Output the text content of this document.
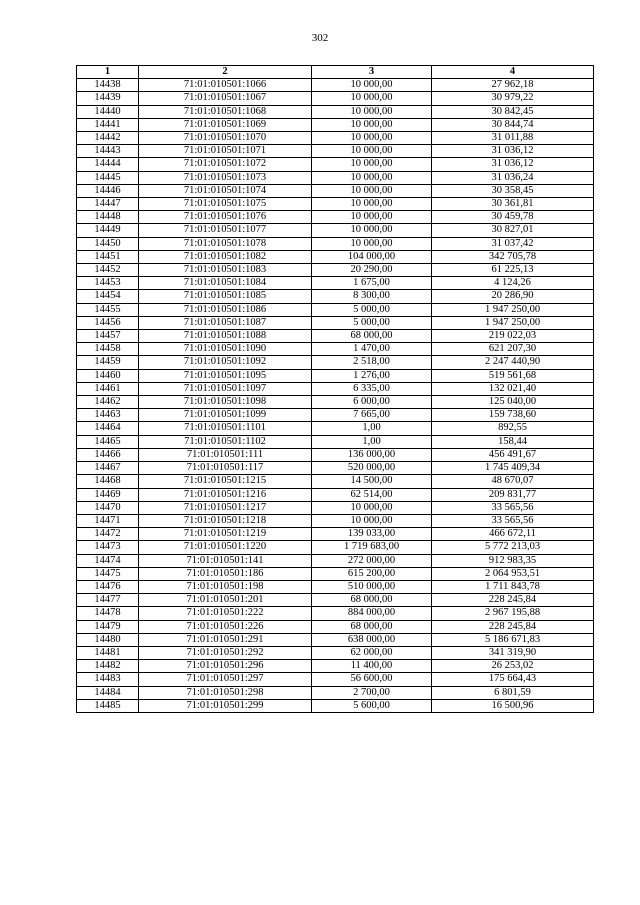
302
1	2	3	4
14438	71:01:010501:1066	10 000,00	27 962,18
14439	71:01:010501:1067	10 000,00	30 979,22
14440	71:01:010501:1068	10 000,00	30 842,45
14441	71:01:010501:1069	10 000,00	30 844,74
14442	71:01:010501:1070	10 000,00	31 011,88
14443	71:01:010501:1071	10 000,00	31 036,12
14444	71:01:010501:1072	10 000,00	31 036,12
14445	71:01:010501:1073	10 000,00	31 036,24
14446	71:01:010501:1074	10 000,00	30 358,45
14447	71:01:010501:1075	10 000,00	30 361,81
14448	71:01:010501:1076	10 000,00	30 459,78
14449	71:01:010501:1077	10 000,00	30 827,01
14450	71:01:010501:1078	10 000,00	31 037,42
14451	71:01:010501:1082	104 000,00	342 705,78
14452	71:01:010501:1083	20 290,00	61 225,13
14453	71:01:010501:1084	1 675,00	4 124,26
14454	71:01:010501:1085	8 300,00	20 286,90
14455	71:01:010501:1086	5 000,00	1 947 250,00
14456	71:01:010501:1087	5 000,00	1 947 250,00
14457	71:01:010501:1088	68 000,00	219 022,03
14458	71:01:010501:1090	1 470,00	621 207,30
14459	71:01:010501:1092	2 518,00	2 247 440,90
14460	71:01:010501:1095	1 276,00	519 561,68
14461	71:01:010501:1097	6 335,00	132 021,40
14462	71:01:010501:1098	6 000,00	125 040,00
14463	71:01:010501:1099	7 665,00	159 738,60
14464	71:01:010501:1101	1,00	892,55
14465	71:01:010501:1102	1,00	158,44
14466	71:01:010501:111	136 000,00	456 491,67
14467	71:01:010501:117	520 000,00	1 745 409,34
14468	71:01:010501:1215	14 500,00	48 670,07
14469	71:01:010501:1216	62 514,00	209 831,77
14470	71:01:010501:1217	10 000,00	33 565,56
14471	71:01:010501:1218	10 000,00	33 565,56
14472	71:01:010501:1219	139 033,00	466 672,11
14473	71:01:010501:1220	1 719 683,00	5 772 213,03
14474	71:01:010501:141	272 000,00	912 983,35
14475	71:01:010501:186	615 200,00	2 064 953,51
14476	71:01:010501:198	510 000,00	1 711 843,78
14477	71:01:010501:201	68 000,00	228 245,84
14478	71:01:010501:222	884 000,00	2 967 195,88
14479	71:01:010501:226	68 000,00	228 245,84
14480	71:01:010501:291	638 000,00	5 186 671,83
14481	71:01:010501:292	62 000,00	341 319,90
14482	71:01:010501:296	11 400,00	26 253,02
14483	71:01:010501:297	56 600,00	175 664,43
14484	71:01:010501:298	2 700,00	6 801,59
14485	71:01:010501:299	5 600,00	16 500,96
